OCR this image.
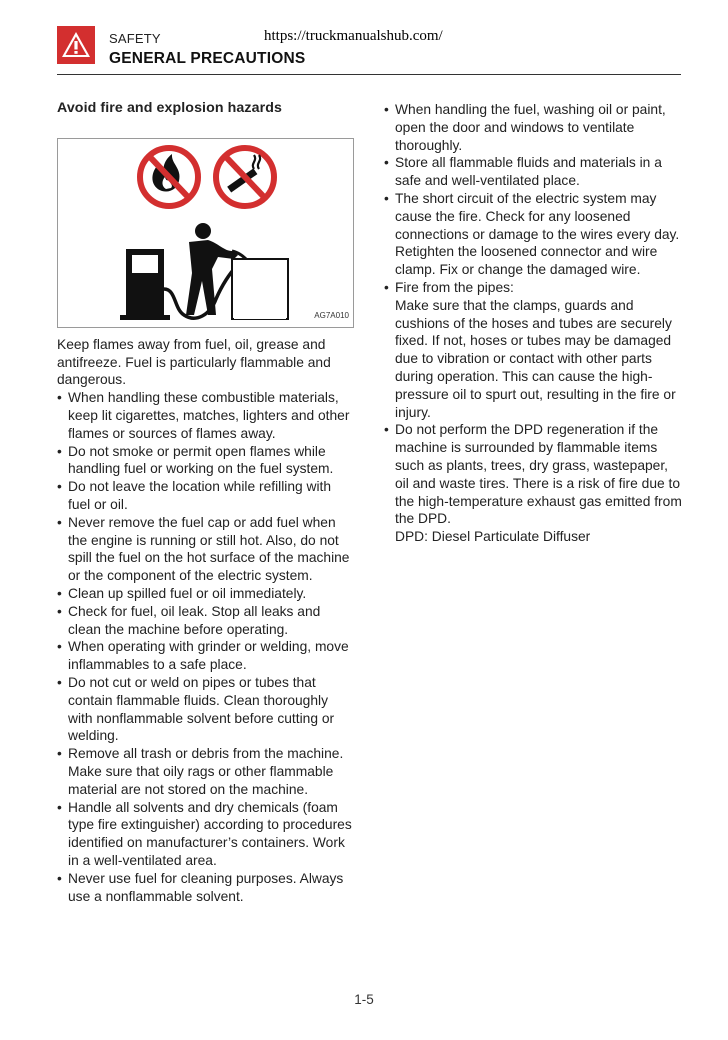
SAFETY	https://truckmanualshub.com/
GENERAL PRECAUTIONS
Avoid fire and explosion hazards
AG7A010

Keep flames away from fuel, oil, grease and antifreeze. Fuel is particularly flammable and dangerous.

• When handling these combustible materials, keep lit cigarettes, matches, lighters and other flames or sources of flames away.
• Do not smoke or permit open flames while handling fuel or working on the fuel system.
• Do not leave the location while refilling with fuel or oil.
• Never remove the fuel cap or add fuel when the engine is running or still hot. Also, do not spill the fuel on the hot surface of the machine or the component of the electric system.
• Clean up spilled fuel or oil immediately.
• Check for fuel, oil leak. Stop all leaks and clean the machine before operating.
• When operating with grinder or welding, move inflammables to a safe place.
• Do not cut or weld on pipes or tubes that contain flammable fluids. Clean thoroughly with nonflammable solvent before cutting or welding.
• Remove all trash or debris from the machine. Make sure that oily rags or other flammable material are not stored on the machine.
• Handle all solvents and dry chemicals (foam type fire extinguisher) according to procedures identified on manufacturer’s containers. Work in a well-ventilated area.
• Never use fuel for cleaning purposes. Always use a nonflammable solvent.
• When handling the fuel, washing oil or paint, open the door and windows to ventilate thoroughly.
• Store all flammable fluids and materials in a safe and well-ventilated place.
• The short circuit of the electric system may cause the fire. Check for any loosened connections or damage to the wires every day. Retighten the loosened connector and wire clamp. Fix or change the damaged wire.
• Fire from the pipes:
Make sure that the clamps, guards and cushions of the hoses and tubes are securely fixed. If not, hoses or tubes may be damaged due to vibration or contact with other parts during operation. This can cause the high-pressure oil to spurt out, resulting in the fire or injury.
• Do not perform the DPD regeneration if the machine is surrounded by flammable items such as plants, trees, dry grass, wastepaper, oil and waste tires. There is a risk of fire due to the high-temperature exhaust gas emitted from the DPD.
DPD: Diesel Particulate Diffuser
1-5
